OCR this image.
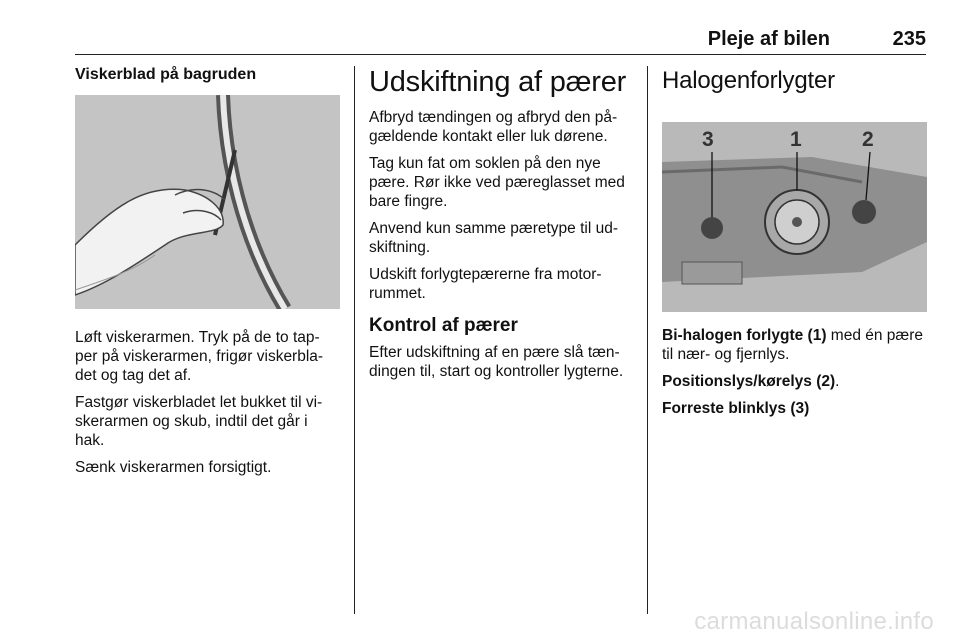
Pleje af bilen	235
Viskerblad på bagruden

Løft viskerarmen. Tryk på de to tap-per på viskerarmen, frigør viskerbla-det og tag det af.

Fastgør viskerbladet let bukket til vi-skerarmen og skub, indtil det går i hak.

Sænk viskerarmen forsigtigt.

Udskiftning af pærer

Afbryd tændingen og afbryd den på-gældende kontakt eller luk dørene.

Tag kun fat om soklen på den nye pære. Rør ikke ved pæreglasset med bare fingre.

Anvend kun samme pæretype til ud-skiftning.

Udskift forlygtepærerne fra motor-rummet.

Kontrol af pærer

Efter udskiftning af en pære slå tæn-dingen til, start og kontroller lygterne.

Halogenforlygter
3	1	2

Bi-halogen forlygte (1) med én pære til nær- og fjernlys.

Positionslys/kørelys (2).

Forreste blinklys (3)

carmanualsonline.info
